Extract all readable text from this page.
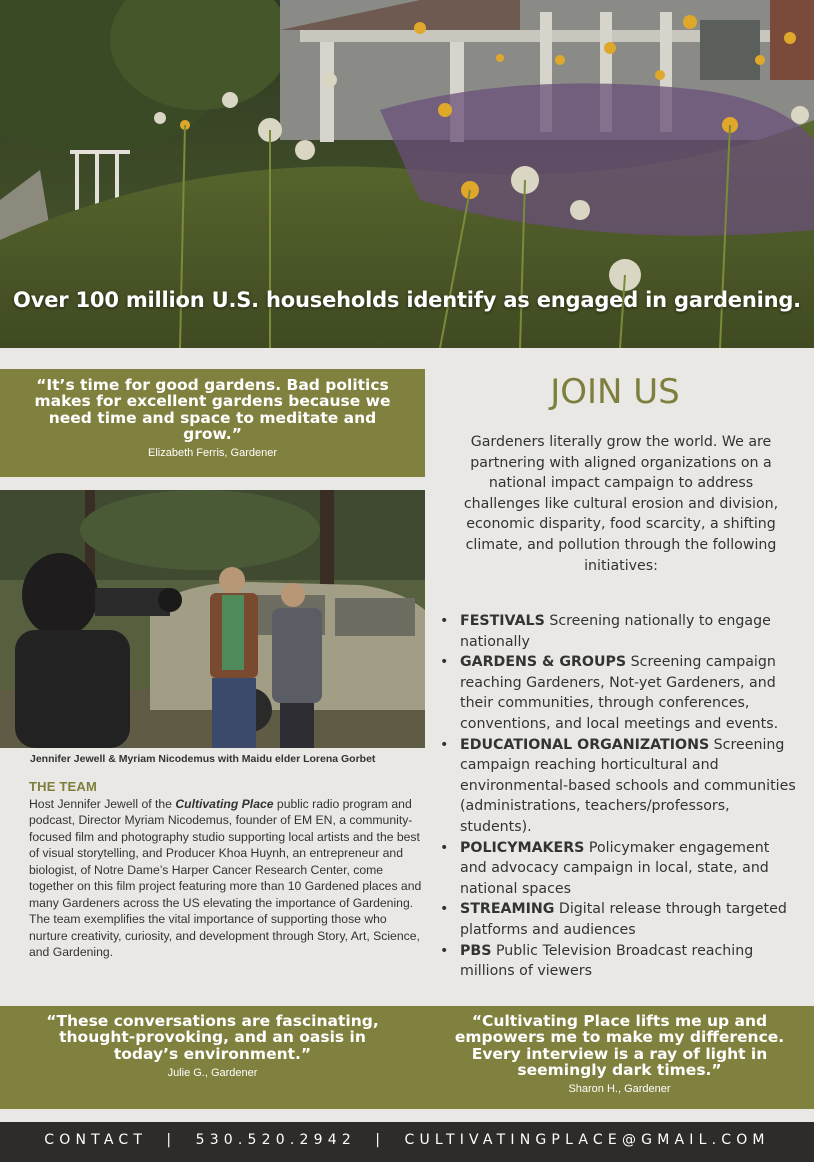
Over 100 million U.S. households identify as engaged in gardening.
“It’s time for good gardens. Bad politics makes for excellent gardens because we need time and space to meditate and grow.”
Elizabeth Ferris, Gardener
JOIN US
Gardeners literally grow the world. We are partnering with aligned organizations on a national impact campaign to address challenges like cultural erosion and division, economic disparity, food scarcity, a shifting climate, and pollution through the following initiatives:
• FESTIVALS Screening nationally to engage nationally
• GARDENS & GROUPS Screening campaign reaching Gardeners, Not-yet Gardeners, and their communities, through conferences, conventions, and local meetings and events.
• EDUCATIONAL ORGANIZATIONS Screening campaign reaching horticultural and environmental-based schools and communities (administrations, teachers/professors, students).
• POLICYMAKERS Policymaker engagement and advocacy campaign in local, state, and national spaces
• STREAMING Digital release through targeted platforms and audiences
• PBS Public Television Broadcast reaching millions of viewers
Jennifer Jewell & Myriam Nicodemus with Maidu elder Lorena Gorbet
THE TEAM
Host Jennifer Jewell of the Cultivating Place public radio program and podcast, Director Myriam Nicodemus, founder of EM EN, a community-focused film and photography studio supporting local artists and the best of visual storytelling, and Producer Khoa Huynh, an entrepreneur and biologist, of Notre Dame’s Harper Cancer Research Center, come together on this film project featuring more than 10 Gardened places and many Gardeners across the US elevating the importance of Gardening. The team exemplifies the vital importance of supporting those who nurture creativity, curiosity, and development through Story, Art, Science, and Gardening.
“These conversations are fascinating, thought-provoking, and an oasis in today’s environment.”
Julie G., Gardener
“Cultivating Place lifts me up and empowers me to make my difference. Every interview is a ray of light in seemingly dark times.”
Sharon H., Gardener
CONTACT  |  530.520.2942  |  CULTIVATINGPLACE@GMAIL.COM
